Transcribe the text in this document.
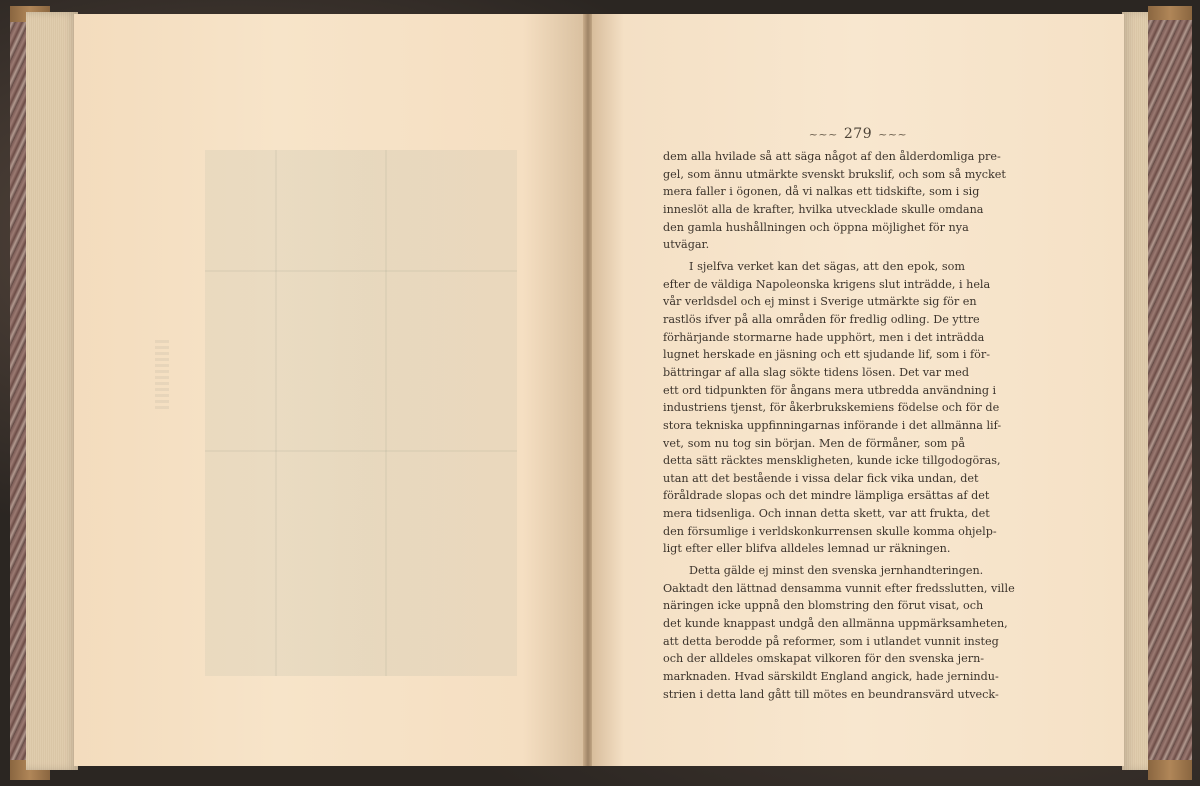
~~~ 279 ~~~

dem alla hvilade så att säga något af den ålderdomliga pre-
gel, som ännu utmärkte svenskt brukslif, och som så mycket
mera faller i ögonen, då vi nalkas ett tidskifte, som i sig
inneslöt alla de krafter, hvilka utvecklade skulle omdana
den gamla hushållningen och öppna möjlighet för nya
utvägar.

I sjelfva verket kan det sägas, att den epok, som
efter de väldiga Napoleonska krigens slut inträdde, i hela
vår verldsdel och ej minst i Sverige utmärkte sig för en
rastlös ifver på alla områden för fredlig odling. De yttre
förhärjande stormarne hade upphört, men i det inträdda
lugnet herskade en jäsning och ett sjudande lif, som i för-
bättringar af alla slag sökte tidens lösen. Det var med
ett ord tidpunkten för ångans mera utbredda användning i
industriens tjenst, för åkerbrukskemiens födelse och för de
stora tekniska uppfinningarnas införande i det allmänna lif-
vet, som nu tog sin början. Men de förmåner, som på
detta sätt räcktes menskligheten, kunde icke tillgodogöras,
utan att det bestående i vissa delar fick vika undan, det
föråldrade slopas och det mindre lämpliga ersättas af det
mera tidsenliga. Och innan detta skett, var att frukta, det
den försumlige i verldskonkurrensen skulle komma ohjelp-
ligt efter eller blifva alldeles lemnad ur räkningen.

Detta gälde ej minst den svenska jernhandteringen.
Oaktadt den lättnad densamma vunnit efter fredsslutten, ville
näringen icke uppnå den blomstring den förut visat, och
det kunde knappast undgå den allmänna uppmärksamheten,
att detta berodde på reformer, som i utlandet vunnit insteg
och der alldeles omskapat vilkoren för den svenska jern-
marknaden. Hvad särskildt England angick, hade jernindu-
strien i detta land gått till mötes en beundransvärd utveck-
